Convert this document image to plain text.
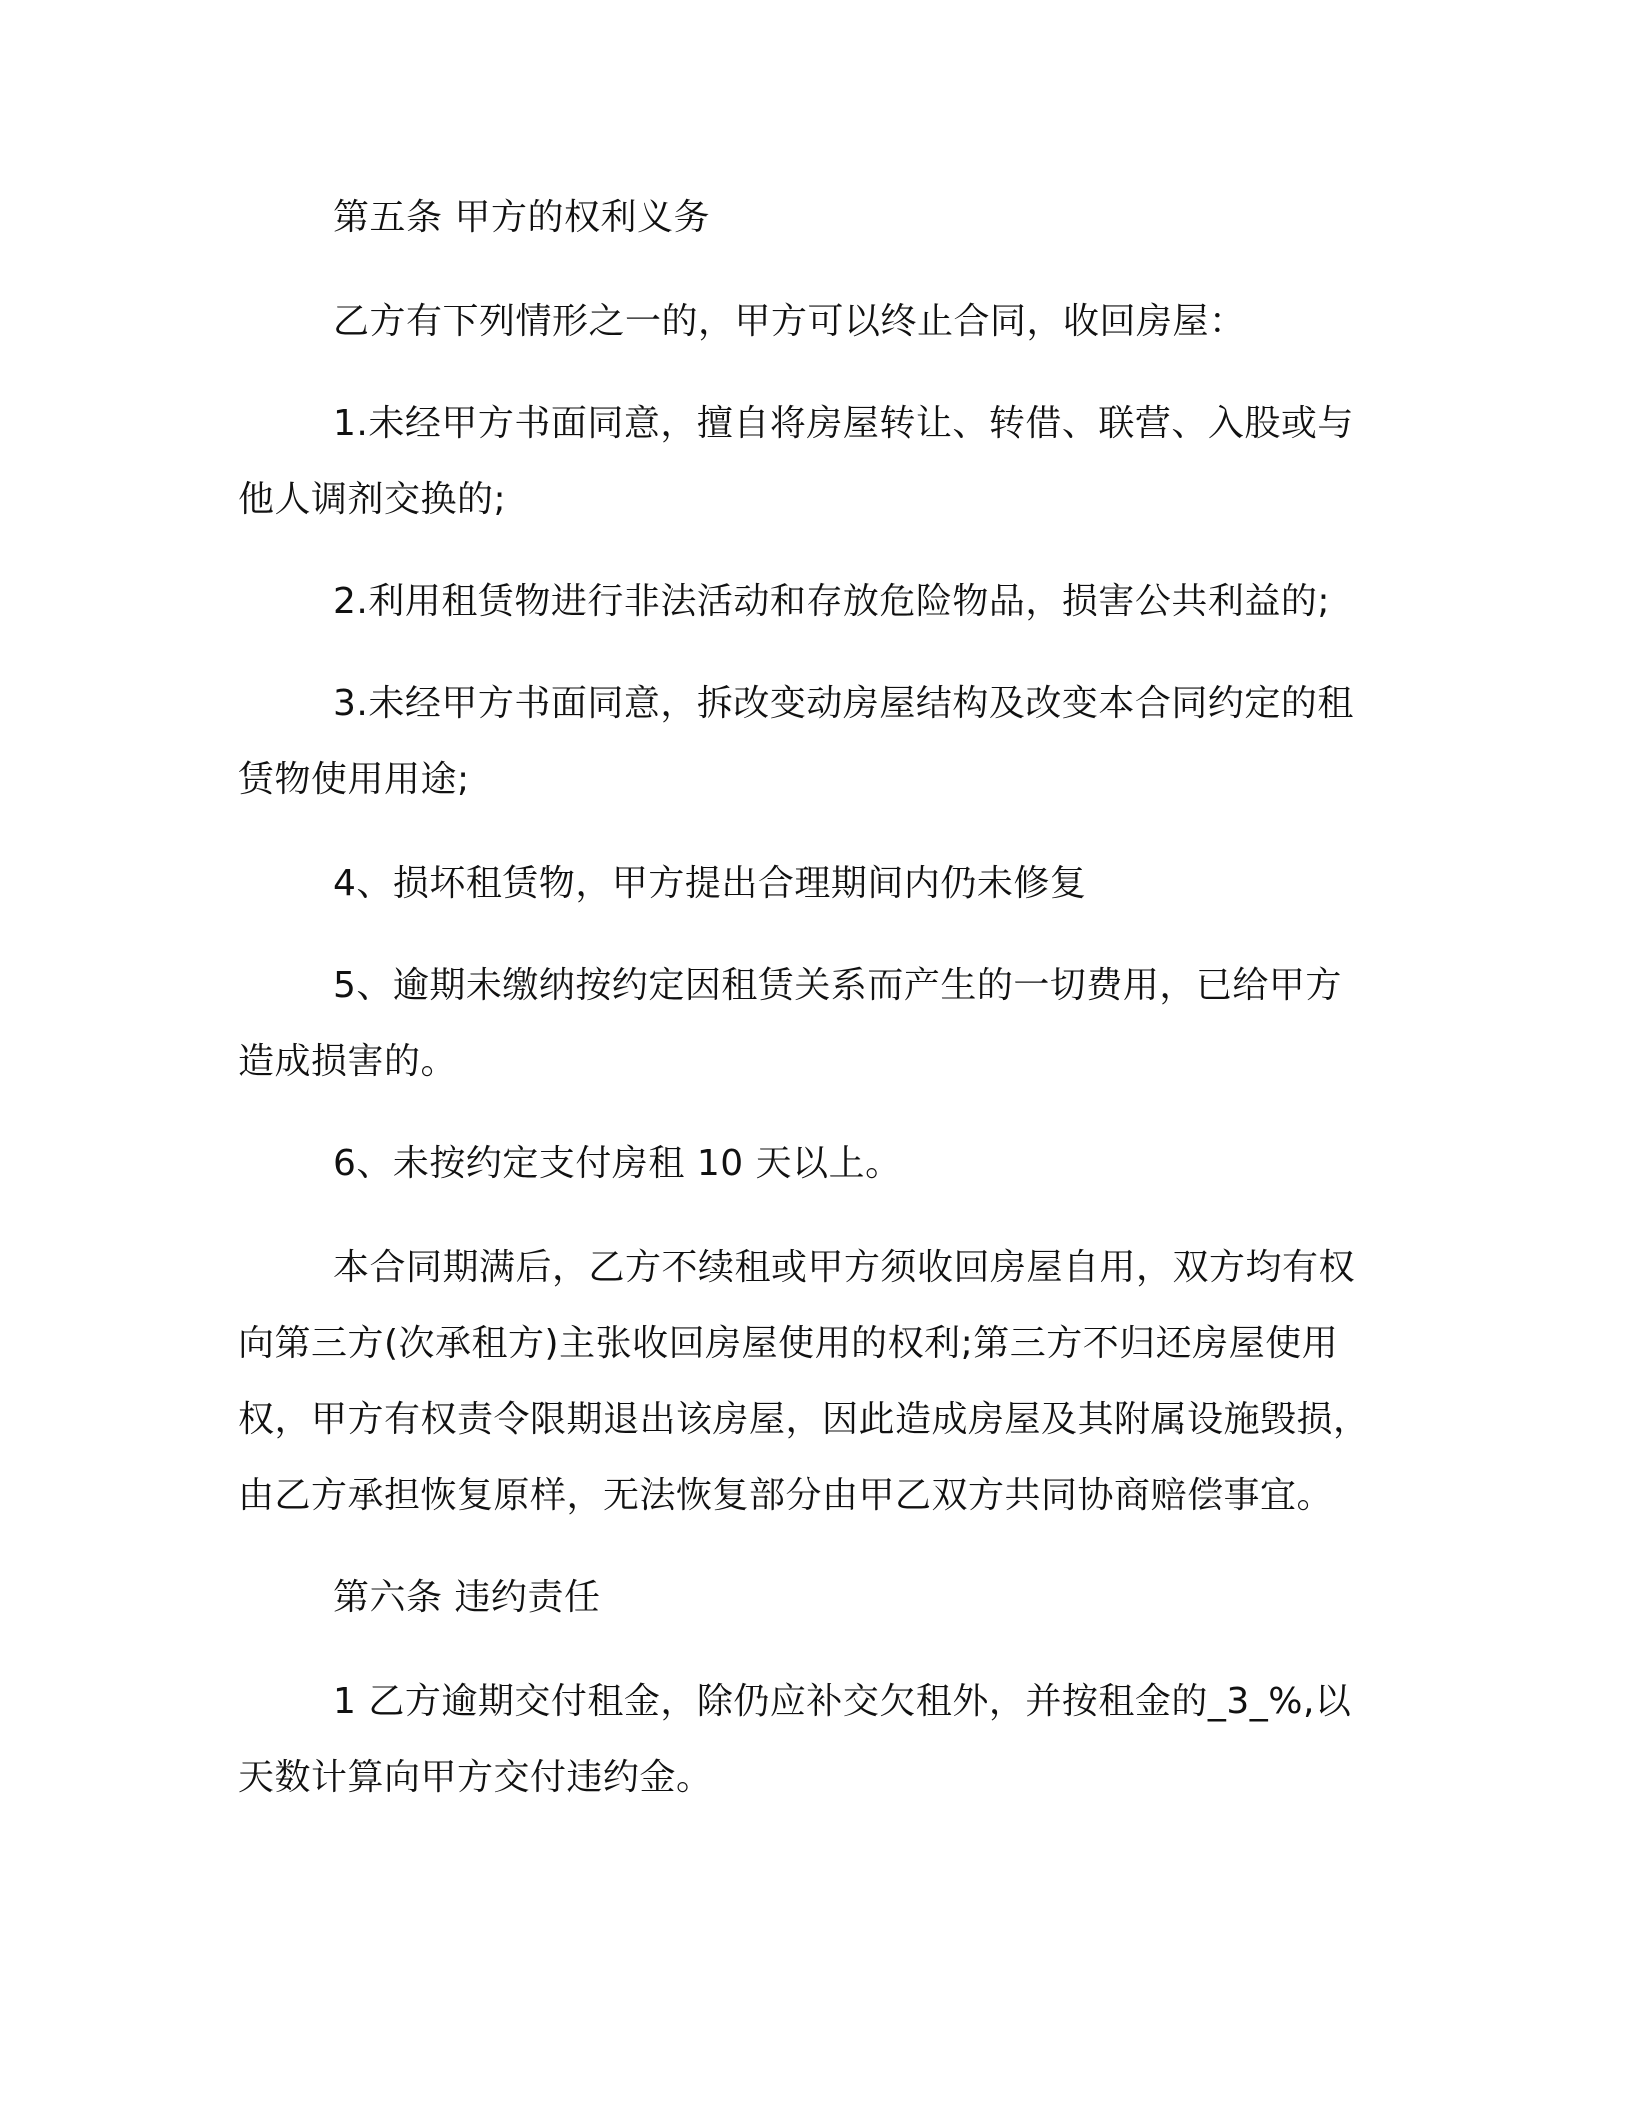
第五条 甲方的权利义务
乙方有下列情形之一的，甲方可以终止合同，收回房屋：
1.未经甲方书面同意，擅自将房屋转让、转借、联营、入股或与
他人调剂交换的;
2.利用租赁物进行非法活动和存放危险物品，损害公共利益的;
3.未经甲方书面同意，拆改变动房屋结构及改变本合同约定的租
赁物使用用途;
4、损坏租赁物，甲方提出合理期间内仍未修复
5、逾期未缴纳按约定因租赁关系而产生的一切费用，已给甲方
造成损害的。
6、未按约定支付房租 10 天以上。
本合同期满后，乙方不续租或甲方须收回房屋自用，双方均有权
向第三方(次承租方)主张收回房屋使用的权利;第三方不归还房屋使用
权，甲方有权责令限期退出该房屋，因此造成房屋及其附属设施毁损，
由乙方承担恢复原样，无法恢复部分由甲乙双方共同协商赔偿事宜。
第六条 违约责任
1 乙方逾期交付租金，除仍应补交欠租外，并按租金的_3_%,以
天数计算向甲方交付违约金。
